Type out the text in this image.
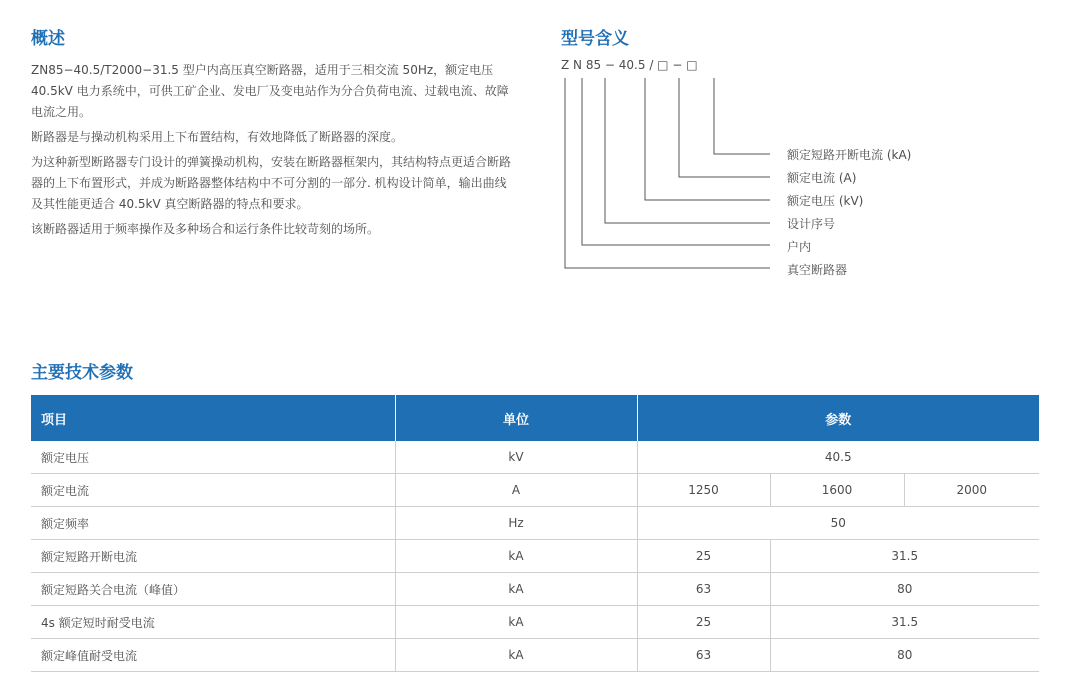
概述

ZN85−40.5/T2000−31.5 型户内高压真空断路器，适用于三相交流 50Hz，额定电压 40.5kV 电力系统中，可供工矿企业、发电厂及变电站作为分合负荷电流、过载电流、故障电流之用。

断路器是与操动机构采用上下布置结构，有效地降低了断路器的深度。

为这种新型断路器专门设计的弹簧操动机构，安装在断路器框架内，其结构特点更适合断路器的上下布置形式，并成为断路器整体结构中不可分割的一部分. 机构设计简单，输出曲线及其性能更适合 40.5kV 真空断路器的特点和要求。

该断路器适用于频率操作及多种场合和运行条件比较苛刻的场所。

型号含义
Z N 85 − 40.5 / □ − □
额定短路开断电流 (kA)
额定电流 (A)
额定电压 (kV)
设计序号
户内
真空断路器
主要技术参数
项目	单位	参数		
额定电压	kV	40.5		
额定电流	A	1250	1600	2000
额定频率	Hz	50		
额定短路开断电流	kA	25	31.5	
额定短路关合电流（峰值）	kA	63	80	
4s 额定短时耐受电流	kA	25	31.5	
额定峰值耐受电流	kA	63	80	
